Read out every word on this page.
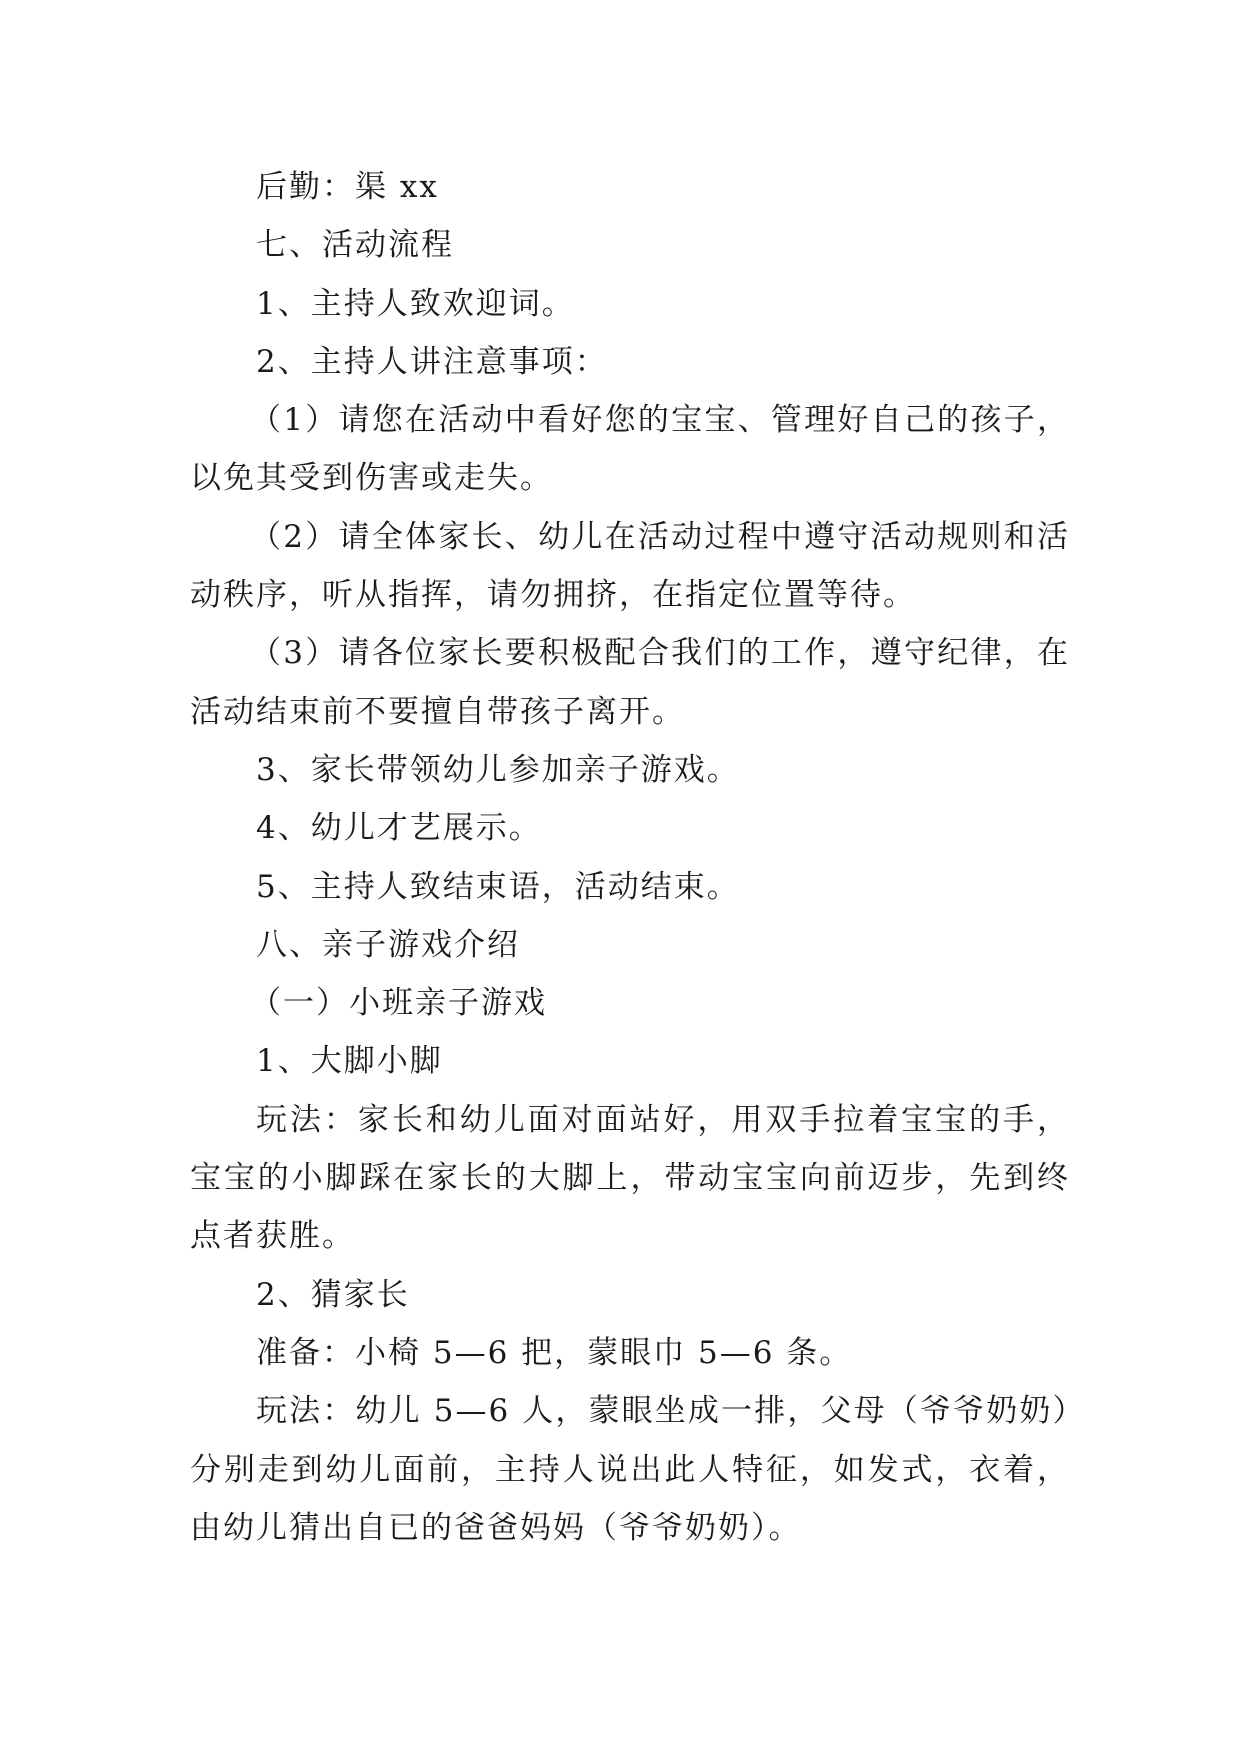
后勤：渠 xx

七、活动流程

1、主持人致欢迎词。

2、主持人讲注意事项：

（1）请您在活动中看好您的宝宝、管理好自己的孩子，以免其受到伤害或走失。

（2）请全体家长、幼儿在活动过程中遵守活动规则和活动秩序，听从指挥，请勿拥挤，在指定位置等待。

（3）请各位家长要积极配合我们的工作，遵守纪律，在活动结束前不要擅自带孩子离开。

3、家长带领幼儿参加亲子游戏。

4、幼儿才艺展示。

5、主持人致结束语，活动结束。

八、亲子游戏介绍

（一）小班亲子游戏

1、大脚小脚

玩法：家长和幼儿面对面站好，用双手拉着宝宝的手，宝宝的小脚踩在家长的大脚上，带动宝宝向前迈步，先到终点者获胜。

2、猜家长

准备：小椅 5—6 把，蒙眼巾 5—6 条。

玩法：幼儿 5—6 人，蒙眼坐成一排，父母（爷爷奶奶）分别走到幼儿面前，主持人说出此人特征，如发式，衣着，由幼儿猜出自已的爸爸妈妈（爷爷奶奶）。
